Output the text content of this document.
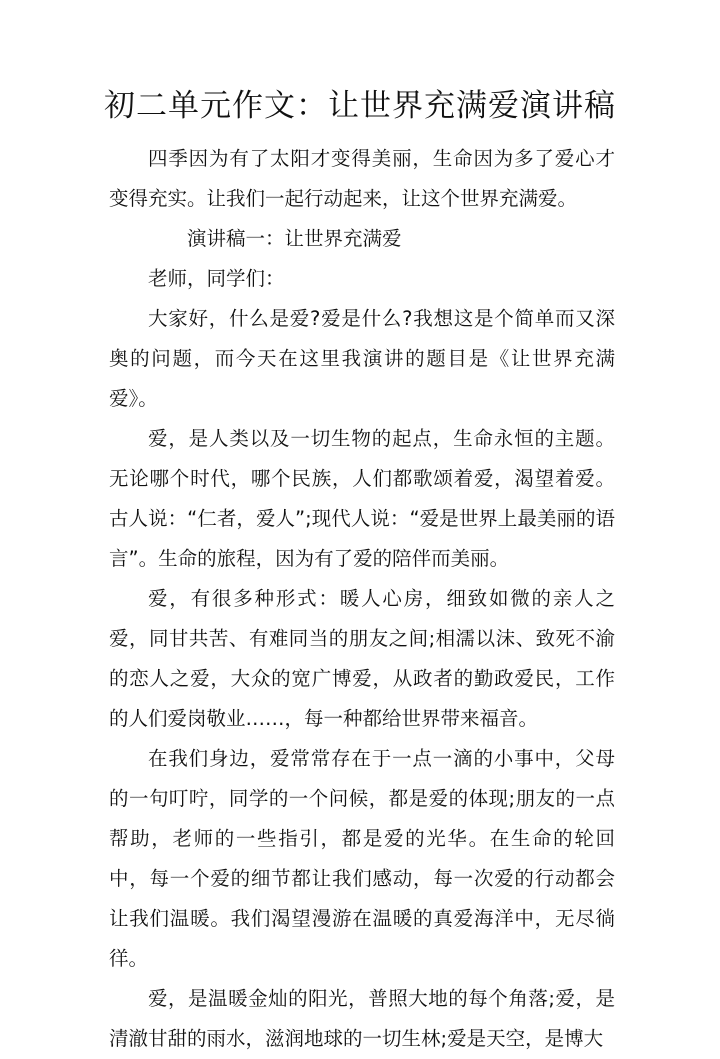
初二单元作文：让世界充满爱演讲稿

四季因为有了太阳才变得美丽，生命因为多了爱心才变得充实。让我们一起行动起来，让这个世界充满爱。

演讲稿一：让世界充满爱

老师，同学们：

大家好，什么是爱?爱是什么?我想这是个简单而又深奥的问题，而今天在这里我演讲的题目是《让世界充满爱》。

爱，是人类以及一切生物的起点，生命永恒的主题。无论哪个时代，哪个民族，人们都歌颂着爱，渴望着爱。古人说：“仁者，爱人”;现代人说：“爱是世界上最美丽的语言”。生命的旅程，因为有了爱的陪伴而美丽。

爱，有很多种形式：暖人心房，细致如微的亲人之爱，同甘共苦、有难同当的朋友之间;相濡以沫、致死不渝的恋人之爱，大众的宽广博爱，从政者的勤政爱民，工作的人们爱岗敬业……，每一种都给世界带来福音。

在我们身边，爱常常存在于一点一滴的小事中，父母的一句叮咛，同学的一个问候，都是爱的体现;朋友的一点帮助，老师的一些指引，都是爱的光华。在生命的轮回中，每一个爱的细节都让我们感动，每一次爱的行动都会让我们温暖。我们渴望漫游在温暖的真爱海洋中，无尽徜徉。

爱，是温暖金灿的阳光，普照大地的每个角落;爱，是清澈甘甜的雨水，滋润地球的一切生林;爱是天空，是博大
